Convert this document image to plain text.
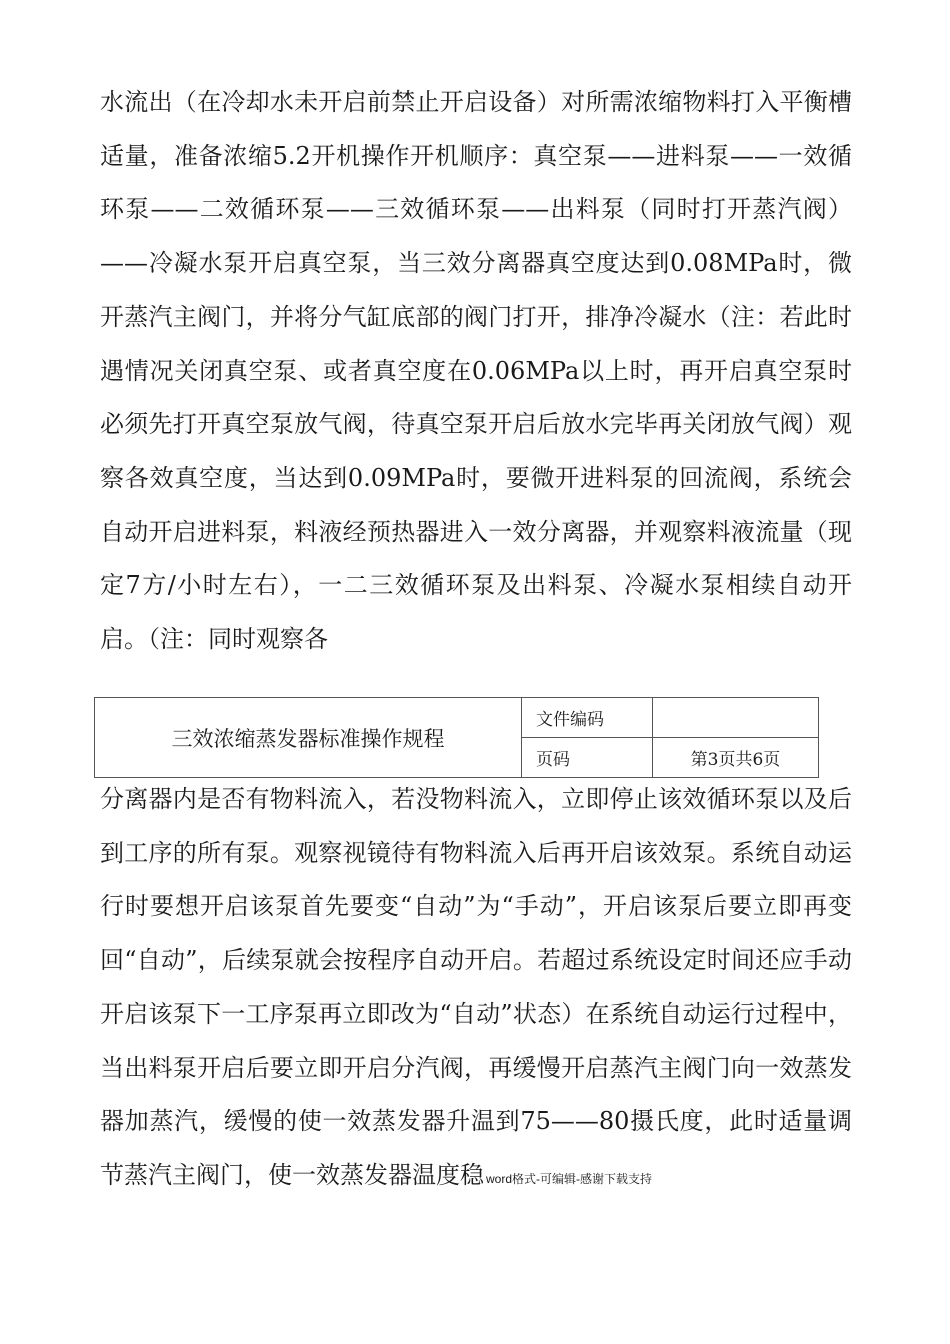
水流出（在冷却水未开启前禁止开启设备）对所需浓缩物料打入平衡槽适量，准备浓缩5.2开机操作开机顺序：真空泵——进料泵——一效循环泵——二效循环泵——三效循环泵——出料泵（同时打开蒸汽阀）——冷凝水泵开启真空泵，当三效分离器真空度达到0.08MPa时，微开蒸汽主阀门，并将分气缸底部的阀门打开，排净冷凝水（注：若此时遇情况关闭真空泵、或者真空度在0.06MPa以上时，再开启真空泵时必须先打开真空泵放气阀，待真空泵开启后放水完毕再关闭放气阀）观察各效真空度，当达到0.09MPa时，要微开进料泵的回流阀，系统会自动开启进料泵，料液经预热器进入一效分离器，并观察料液流量（现定7方/小时左右），一二三效循环泵及出料泵、冷凝水泵相续自动开启。（注：同时观察各

三效浓缩蒸发器标准操作规程	文件编码	
	页码	第3页共6页

分离器内是否有物料流入，若没物料流入，立即停止该效循环泵以及后到工序的所有泵。观察视镜待有物料流入后再开启该效泵。系统自动运行时要想开启该泵首先要变“自动”为“手动”，开启该泵后要立即再变回“自动”，后续泵就会按程序自动开启。若超过系统设定时间还应手动开启该泵下一工序泵再立即改为“自动”状态）在系统自动运行过程中，当出料泵开启后要立即开启分汽阀，再缓慢开启蒸汽主阀门向一效蒸发器加蒸汽，缓慢的使一效蒸发器升温到75——80摄氏度，此时适量调节蒸汽主阀门，使一效蒸发器温度稳 word格式-可编辑-感谢下载支持
